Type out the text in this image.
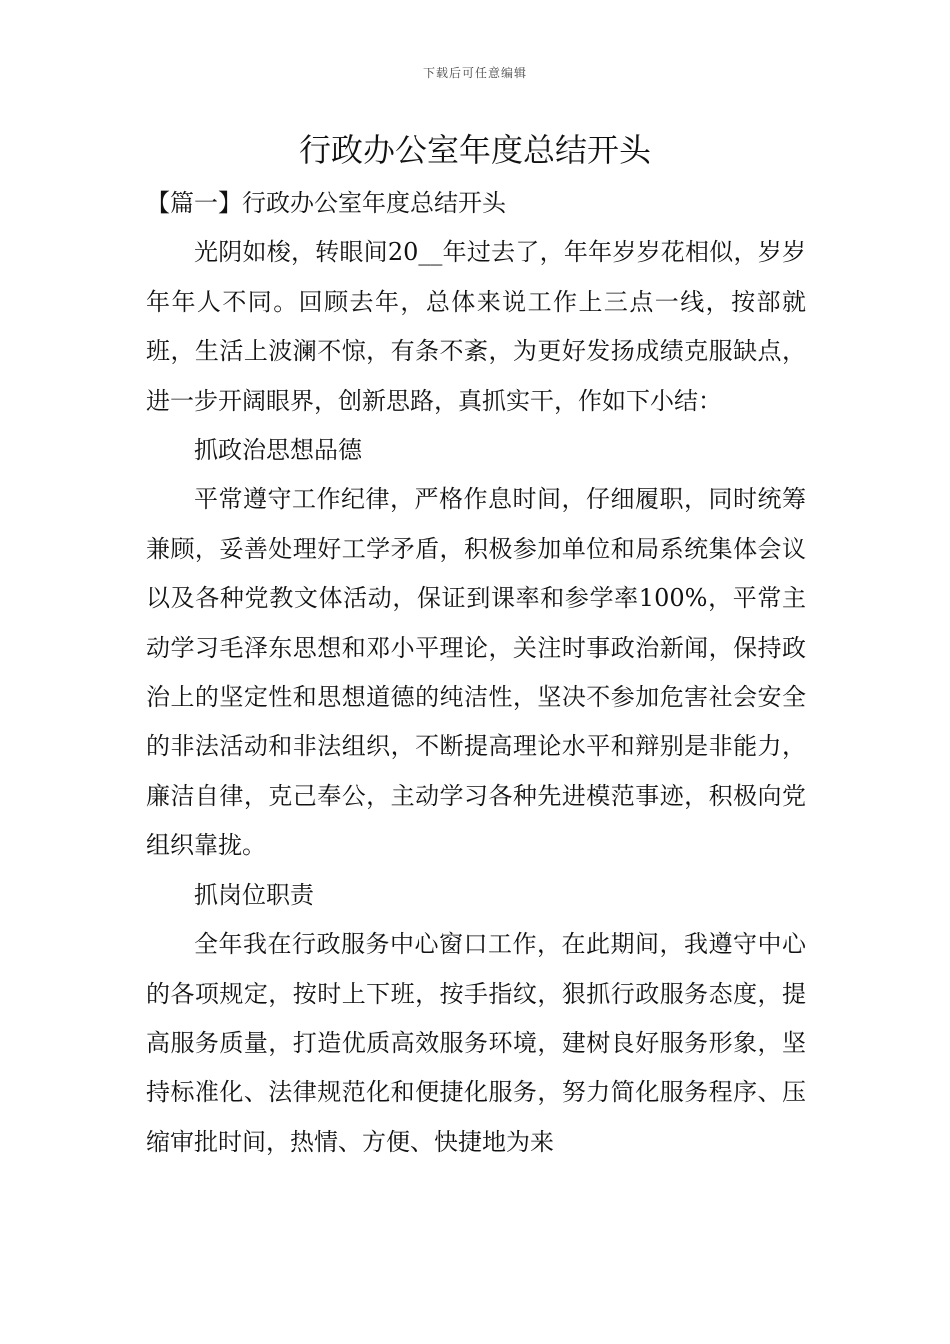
下载后可任意编辑
行政办公室年度总结开头

【篇一】行政办公室年度总结开头

光阴如梭，转眼间20__年过去了，年年岁岁花相似，岁岁年年人不同。回顾去年，总体来说工作上三点一线，按部就班，生活上波澜不惊，有条不紊，为更好发扬成绩克服缺点，进一步开阔眼界，创新思路，真抓实干，作如下小结：

抓政治思想品德

平常遵守工作纪律，严格作息时间，仔细履职，同时统筹兼顾，妥善处理好工学矛盾，积极参加单位和局系统集体会议以及各种党教文体活动，保证到课率和参学率100%，平常主动学习毛泽东思想和邓小平理论，关注时事政治新闻，保持政治上的坚定性和思想道德的纯洁性，坚决不参加危害社会安全的非法活动和非法组织，不断提高理论水平和辩别是非能力，廉洁自律，克己奉公，主动学习各种先进模范事迹，积极向党组织靠拢。

抓岗位职责

全年我在行政服务中心窗口工作，在此期间，我遵守中心的各项规定，按时上下班，按手指纹，狠抓行政服务态度，提高服务质量，打造优质高效服务环境，建树良好服务形象，坚持标准化、法律规范化和便捷化服务，努力简化服务程序、压缩审批时间，热情、方便、快捷地为来
